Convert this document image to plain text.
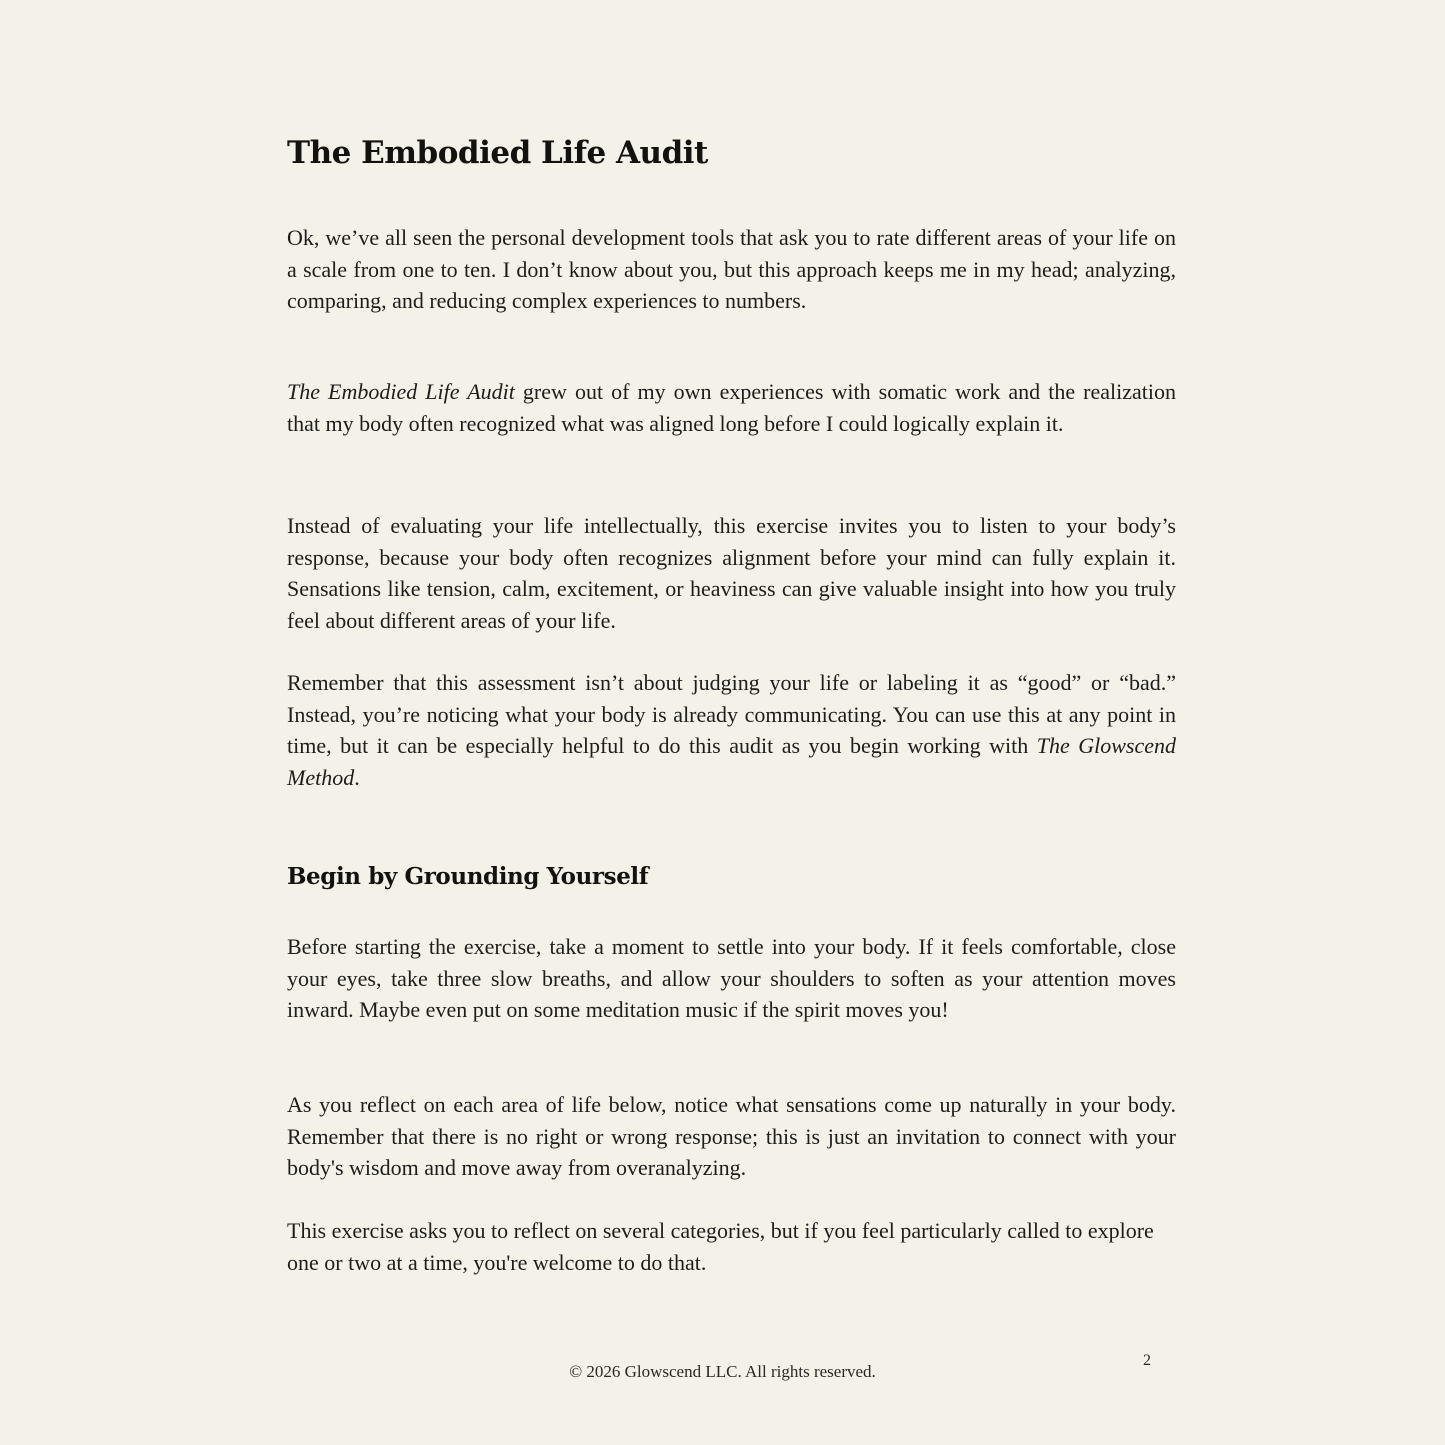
The Embodied Life Audit

Ok, we’ve all seen the personal development tools that ask you to rate different areas of your life on a scale from one to ten. I don’t know about you, but this approach keeps me in my head; analyzing, comparing, and reducing complex experiences to numbers.

The Embodied Life Audit grew out of my own experiences with somatic work and the realization that my body often recognized what was aligned long before I could logically explain it.

Instead of evaluating your life intellectually, this exercise invites you to listen to your body’s response, because your body often recognizes alignment before your mind can fully explain it. Sensations like tension, calm, excitement, or heaviness can give valuable insight into how you truly feel about different areas of your life.

Remember that this assessment isn’t about judging your life or labeling it as “good” or “bad.” Instead, you’re noticing what your body is already communicating. You can use this at any point in time, but it can be especially helpful to do this audit as you begin working with The Glowscend Method.

Begin by Grounding Yourself

Before starting the exercise, take a moment to settle into your body. If it feels comfortable, close your eyes, take three slow breaths, and allow your shoulders to soften as your attention moves inward. Maybe even put on some meditation music if the spirit moves you!

As you reflect on each area of life below, notice what sensations come up naturally in your body. Remember that there is no right or wrong response; this is just an invitation to connect with your body's wisdom and move away from overanalyzing.

This exercise asks you to reflect on several categories, but if you feel particularly called to explore one or two at a time, you're welcome to do that.

© 2026 Glowscend LLC. All rights reserved.
2
